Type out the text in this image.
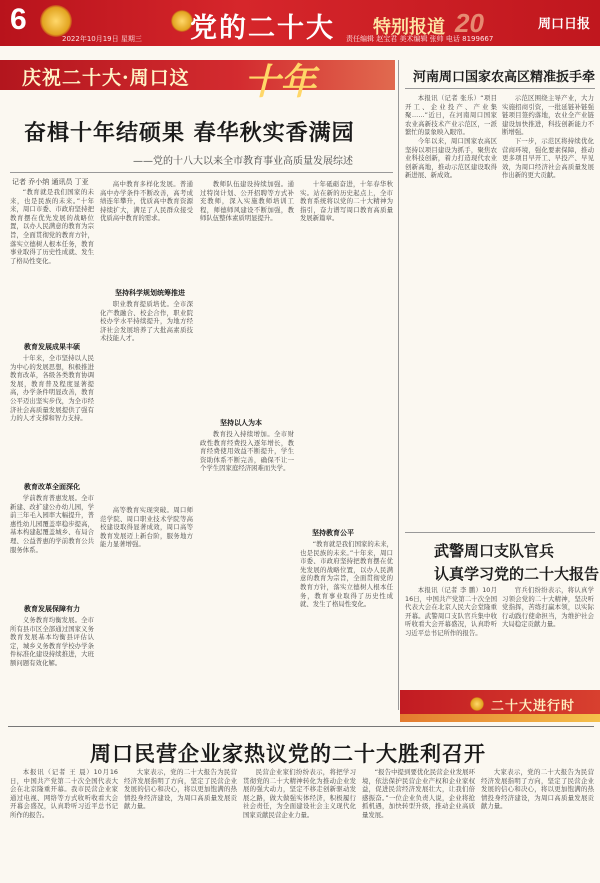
6	党的二十大 特别报道 20	周口日报
2022年10月19日 星期三	责任编辑 赵宝君 美术编辑 张帅 电话 8199667
庆祝二十大·周口这 十年
奋楫十年结硕果 春华秋实香满园
——党的十八大以来全市教育事业高质量发展综述
记者 乔小纳 通讯员 丁亚

“教育就是我们国家的未来，也是民族的未来。”十年来，周口市委、市政府坚持把教育摆在优先发展的战略位置，以办人民满意的教育为宗旨，全面贯彻党的教育方针，落实立德树人根本任务，教育事业取得了历史性成就、发生了格局性变化。

教育发展成果丰硕

十年来，全市坚持以人民为中心的发展思想，积极推进教育改革，各级各类教育协调发展，教育普及程度显著提高，办学条件明显改善，教育公平迈出坚实步伐，为全市经济社会高质量发展提供了强有力的人才支撑和智力支持。

教育改革全面深化

学前教育普惠发展。全市新建、改扩建公办幼儿园，学前三年毛入园率大幅提升，普惠性幼儿园覆盖率稳步提高，基本构建起覆盖城乡、布局合理、公益普惠的学前教育公共服务体系。

教育发展保障有力

义务教育均衡发展。全市所有县市区全部通过国家义务教育发展基本均衡县评估认定，城乡义务教育学校办学条件标准化建设持续推进，大班额问题有效化解。

高中教育多样化发展。普通高中办学条件不断改善，高考成绩连年攀升，优质高中教育资源持续扩大，满足了人民群众接受优质高中教育的需求。

坚持科学规划统筹推进

职业教育提质培优。全市深化产教融合、校企合作，职业院校办学水平持续提升，为地方经济社会发展培养了大批高素质技术技能人才。

高等教育实现突破。周口师范学院、周口职业技术学院等高校建设取得显著成效，周口高等教育发展迈上新台阶，服务地方能力显著增强。

教师队伍建设持续加强。通过特岗计划、公开招聘等方式补充教师，深入实施教师培训工程，师德师风建设不断加强，教师队伍整体素质明显提升。

坚持以人为本

教育投入持续增加。全市财政性教育经费投入逐年增长，教育经费使用效益不断提升，学生资助体系不断完善，确保不让一个学生因家庭经济困难而失学。

十年砥砺奋进，十年春华秋实。站在新的历史起点上，全市教育系统将以党的二十大精神为指引，奋力谱写周口教育高质量发展新篇章。

坚持教育公平

“教育就是我们国家的未来，也是民族的未来。”十年来，周口市委、市政府坚持把教育摆在优先发展的战略位置，以办人民满意的教育为宗旨，全面贯彻党的教育方针，落实立德树人根本任务，教育事业取得了历史性成就、发生了格局性变化。

河南周口国家农高区精准扳手牵

本报讯（记者 张乐）“项目开工、企业投产、产业集聚……”近日，在河南周口国家农业高新技术产业示范区，一派繁忙的景象映入眼帘。

今年以来，周口国家农高区坚持以项目建设为抓手，聚焦农业科技创新，着力打造现代农业创新高地，推动示范区建设取得新进展、新成效。

示范区围绕主导产业，大力实施招商引资，一批延链补链强链项目签约落地，农业全产业链建设加快推进，科技创新能力不断增强。

下一步，示范区将持续优化营商环境，强化要素保障，推动更多项目早开工、早投产、早见效，为周口经济社会高质量发展作出新的更大贡献。

武警周口支队官兵
认真学习党的二十大报告

本报讯（记者 李 鹏）10月16日，中国共产党第二十次全国代表大会在北京人民大会堂隆重开幕。武警周口支队官兵集中收听收看大会开幕盛况，认真聆听习近平总书记所作的报告。

官兵们纷纷表示，将认真学习领会党的二十大精神，坚决听党指挥，苦练打赢本领，以实际行动践行使命担当，为维护社会大局稳定贡献力量。

二十大进行时
周口民营企业家热议党的二十大胜利召开

本报讯（记者 王 晨）10月16日，中国共产党第二十次全国代表大会在北京隆重开幕。我市民营企业家通过电视、网络等方式收听收看大会开幕会盛况，认真聆听习近平总书记所作的报告。

大家表示，党的二十大报告为民营经济发展指明了方向，坚定了民营企业发展的信心和决心，将以更加饱满的热情投身经济建设，为周口高质量发展贡献力量。

民营企业家们纷纷表示，将把学习贯彻党的二十大精神转化为推动企业发展的强大动力，坚定不移走创新驱动发展之路，做大做强实体经济，积极履行社会责任，为全面建设社会主义现代化国家贡献民营企业力量。

“报告中提到要优化民营企业发展环境，依法保护民营企业产权和企业家权益，促进民营经济发展壮大，让我们倍感振奋。”一位企业负责人说，企业将抢抓机遇，加快转型升级，推动企业高质量发展。

大家表示，党的二十大报告为民营经济发展指明了方向，坚定了民营企业发展的信心和决心，将以更加饱满的热情投身经济建设，为周口高质量发展贡献力量。
